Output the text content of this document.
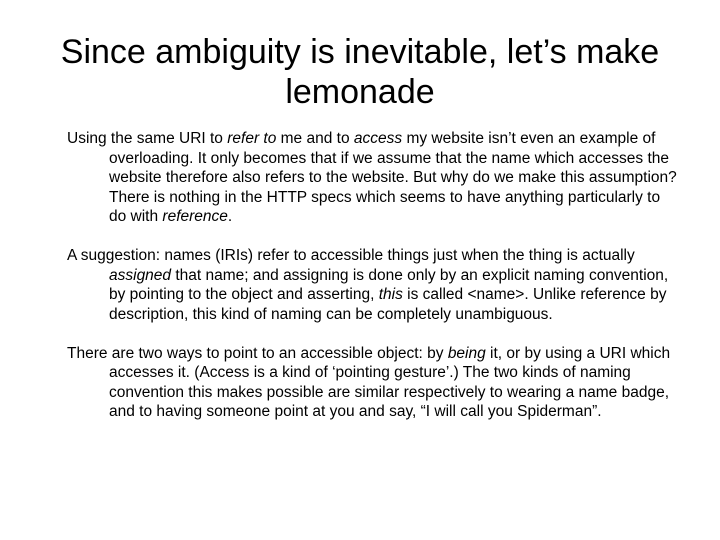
Since ambiguity is inevitable, let’s make lemonade

Using the same URI to refer to me and to access my website isn’t even an example of overloading. It only becomes that if we assume that the name which accesses the website therefore also refers to the website. But why do we make this assumption? There is nothing in the HTTP specs which seems to have anything particularly to do with reference.

A suggestion: names (IRIs) refer to accessible things just when the thing is actually assigned that name; and assigning is done only by an explicit naming convention, by pointing to the object and asserting, this is called <name>. Unlike reference by description, this kind of naming can be completely unambiguous.

There are two ways to point to an accessible object: by being it, or by using a URI which accesses it. (Access is a kind of ‘pointing gesture’.) The two kinds of naming convention this makes possible are similar respectively to wearing a name badge, and to having someone point at you and say, “I will call you Spiderman”.
